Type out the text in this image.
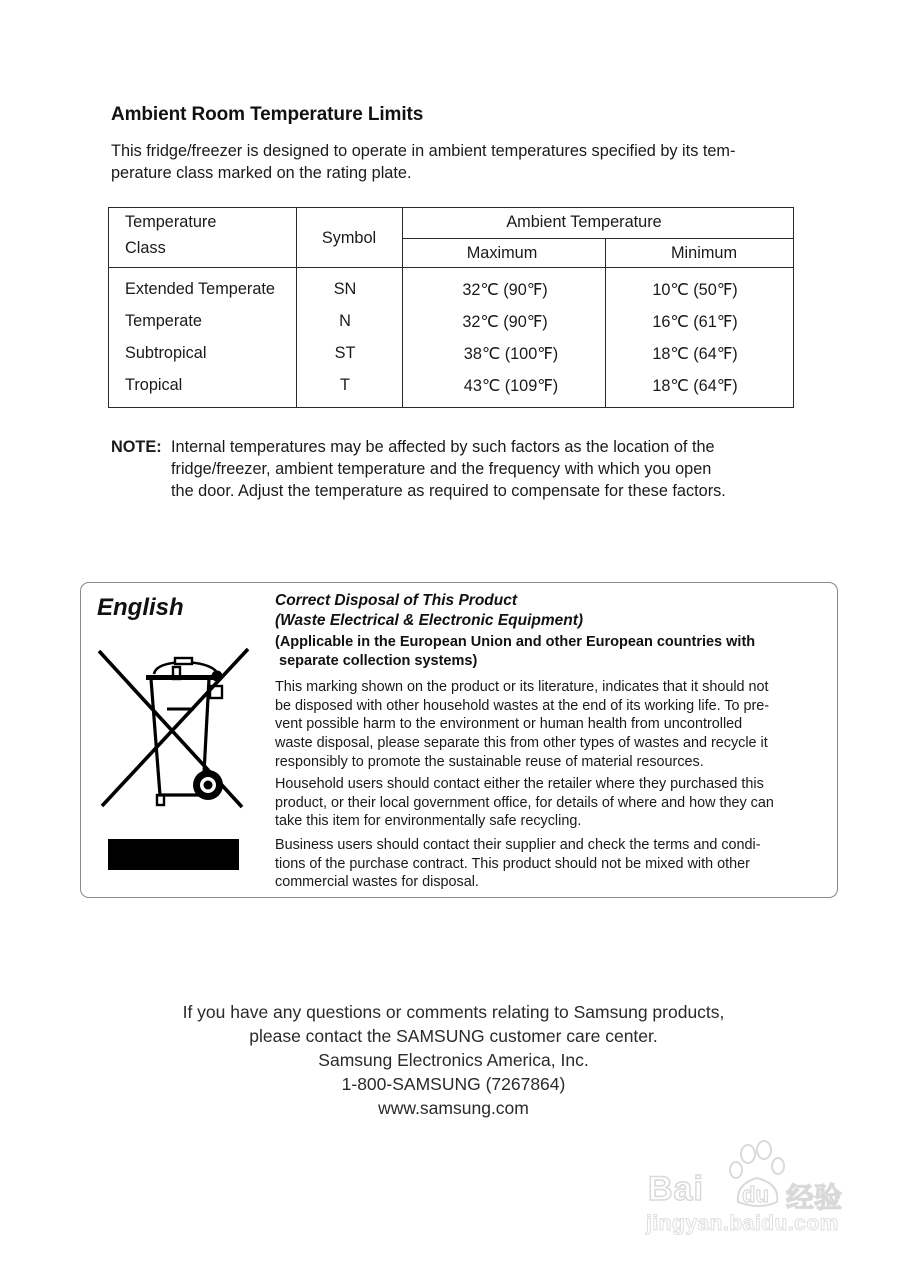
Ambient Room Temperature Limits
This fridge/freezer is designed to operate in ambient temperatures specified by its tem-
perature class marked on the rating plate.
Temperature
Class
Symbol
Ambient Temperature
Maximum	Minimum
Extended Temperate	SN	32℃ (90℉)	10℃ (50℉)
Temperate	N	32℃ (90℉)	16℃ (61℉)
Subtropical	ST	38℃ (100℉)	18℃ (64℉)
Tropical	T	43℃ (109℉)	18℃ (64℉)
NOTE: Internal temperatures may be affected by such factors as the location of the
fridge/freezer, ambient temperature and the frequency with which you open
the door. Adjust the temperature as required to compensate for these factors.
English	Correct Disposal of This Product
(Waste Electrical & Electronic Equipment)
(Applicable in the European Union and other European countries with
separate collection systems)
This marking shown on the product or its literature, indicates that it should not
be disposed with other household wastes at the end of its working life. To pre-
vent possible harm to the environment or human health from uncontrolled
waste disposal, please separate this from other types of wastes and recycle it
responsibly to promote the sustainable reuse of material resources.
Household users should contact either the retailer where they purchased this
product, or their local government office, for details of where and how they can
take this item for environmentally safe recycling.
Business users should contact their supplier and check the terms and condi-
tions of the purchase contract. This product should not be mixed with other
commercial wastes for disposal.
If you have any questions or comments relating to Samsung products,
please contact the SAMSUNG customer care center.
Samsung Electronics America, Inc.
1-800-SAMSUNG (7267864)
www.samsung.com
Bai du 经验
jingyan.baidu.com
